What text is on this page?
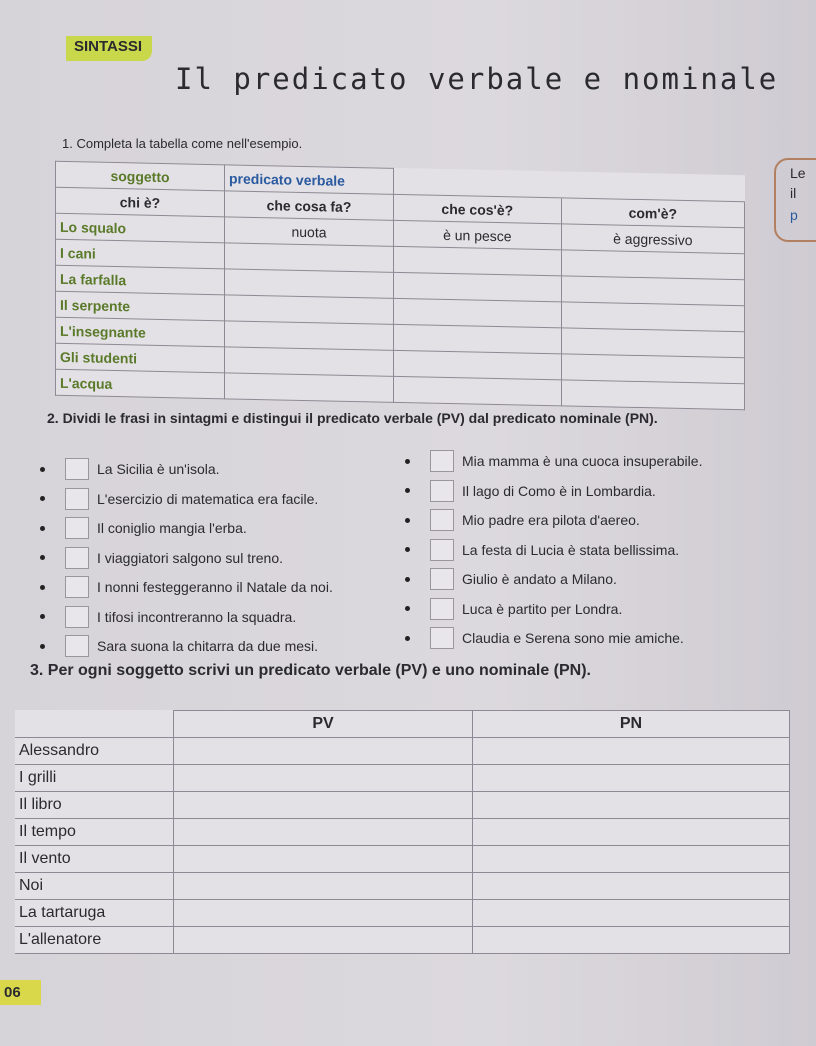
SINTASSI
Il predicato verbale e nominale
Le
il
p
1. Completa la tabella come nell'esempio.
soggetto	predicato verbale		
chi è?	che cosa fa?	che cos'è?	com'è?
Lo squalo	nuota	è un pesce	è aggressivo
I cani			
La farfalla			
Il serpente			
L'insegnante			
Gli studenti			
L'acqua			
2. Dividi le frasi in sintagmi e distingui il predicato verbale (PV) dal predicato nominale (PN).
La Sicilia è un'isola.
L'esercizio di matematica era facile.
Il coniglio mangia l'erba.
I viaggiatori salgono sul treno.
I nonni festeggeranno il Natale da noi.
I tifosi incontreranno la squadra.
Sara suona la chitarra da due mesi.
Mia mamma è una cuoca insuperabile.
Il lago di Como è in Lombardia.
Mio padre era pilota d'aereo.
La festa di Lucia è stata bellissima.
Giulio è andato a Milano.
Luca è partito per Londra.
Claudia e Serena sono mie amiche.
3. Per ogni soggetto scrivi un predicato verbale (PV) e uno nominale (PN).
	PV	PN
Alessandro		
I grilli		
Il libro		
Il tempo		
Il vento		
Noi		
La tartaruga		
L'allenatore		
06
